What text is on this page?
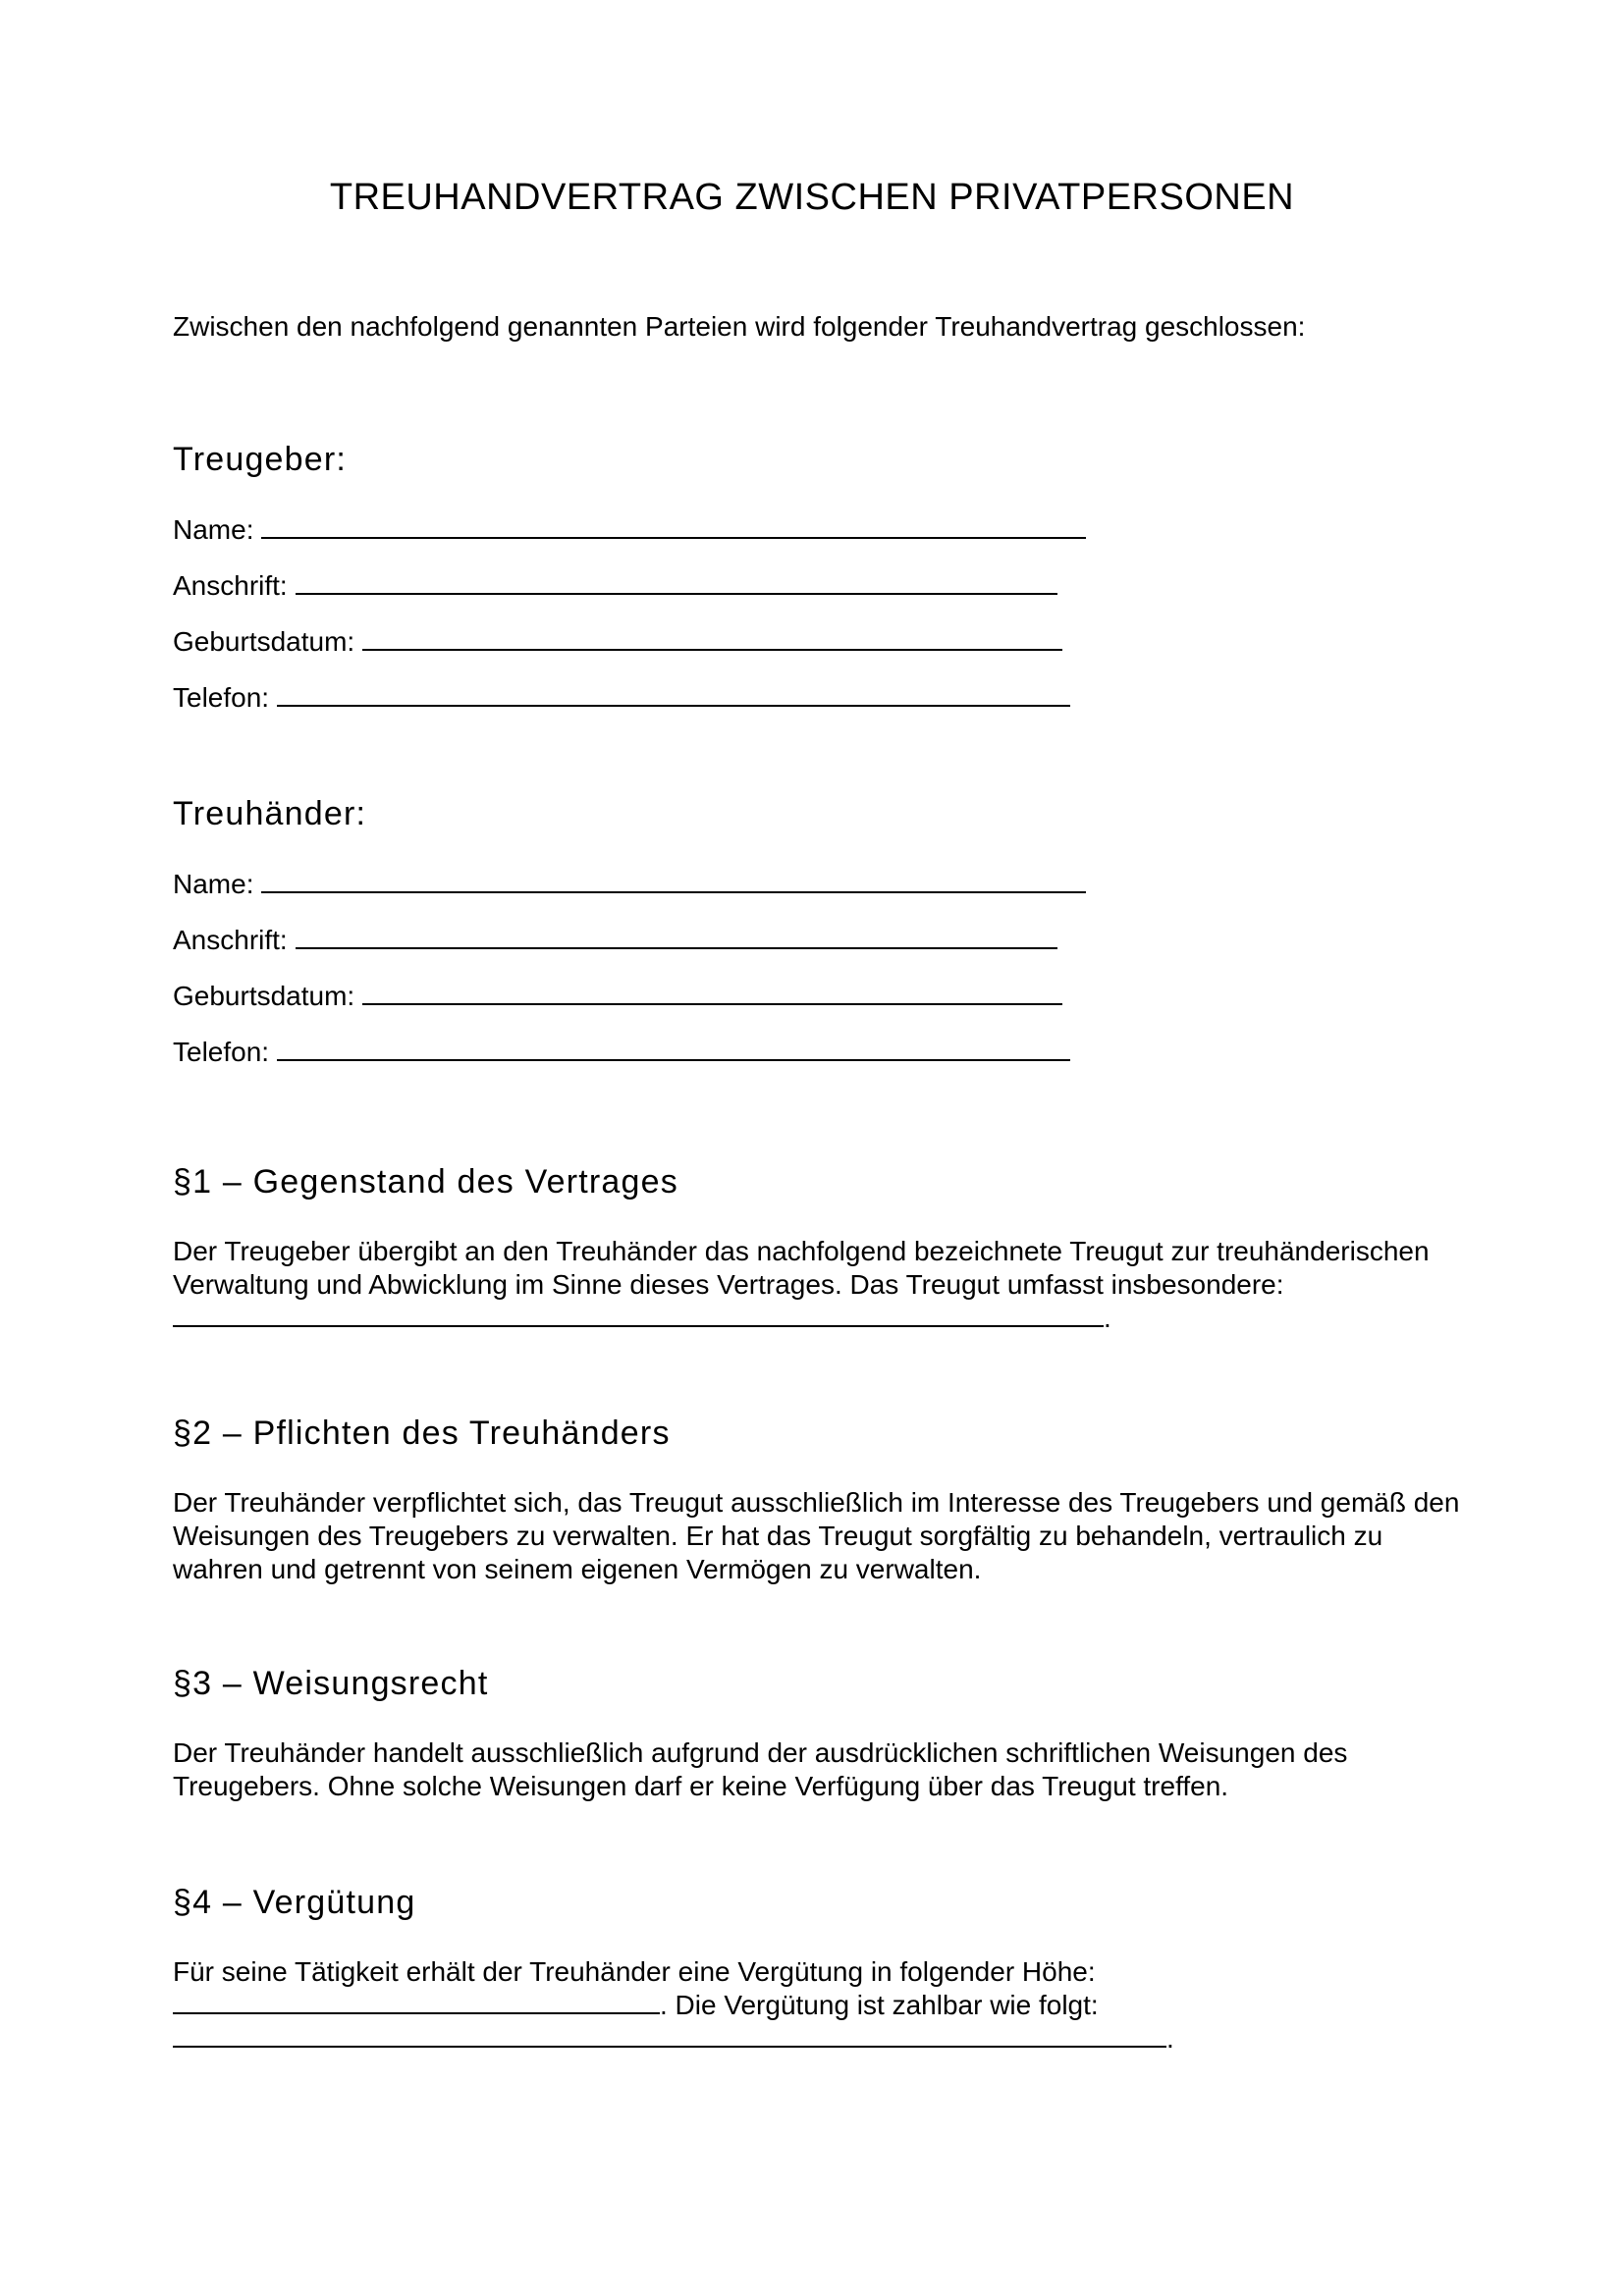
TREUHANDVERTRAG ZWISCHEN PRIVATPERSONEN
Zwischen den nachfolgend genannten Parteien wird folgender Treuhandvertrag geschlossen:
Treugeber:
Name:
Anschrift:
Geburtsdatum:
Telefon:
Treuhänder:
Name:
Anschrift:
Geburtsdatum:
Telefon:
§1 – Gegenstand des Vertrages

Der Treugeber übergibt an den Treuhänder das nachfolgend bezeichnete Treugut zur treuhänderischen

Verwaltung und Abwicklung im Sinne dieses Vertrages. Das Treugut umfasst insbesondere:

.

§2 – Pflichten des Treuhänders

Der Treuhänder verpflichtet sich, das Treugut ausschließlich im Interesse des Treugebers und gemäß den

Weisungen des Treugebers zu verwalten. Er hat das Treugut sorgfältig zu behandeln, vertraulich zu

wahren und getrennt von seinem eigenen Vermögen zu verwalten.

§3 – Weisungsrecht

Der Treuhänder handelt ausschließlich aufgrund der ausdrücklichen schriftlichen Weisungen des

Treugebers. Ohne solche Weisungen darf er keine Verfügung über das Treugut treffen.

§4 – Vergütung

Für seine Tätigkeit erhält der Treuhänder eine Vergütung in folgender Höhe:

. Die Vergütung ist zahlbar wie folgt:

.
